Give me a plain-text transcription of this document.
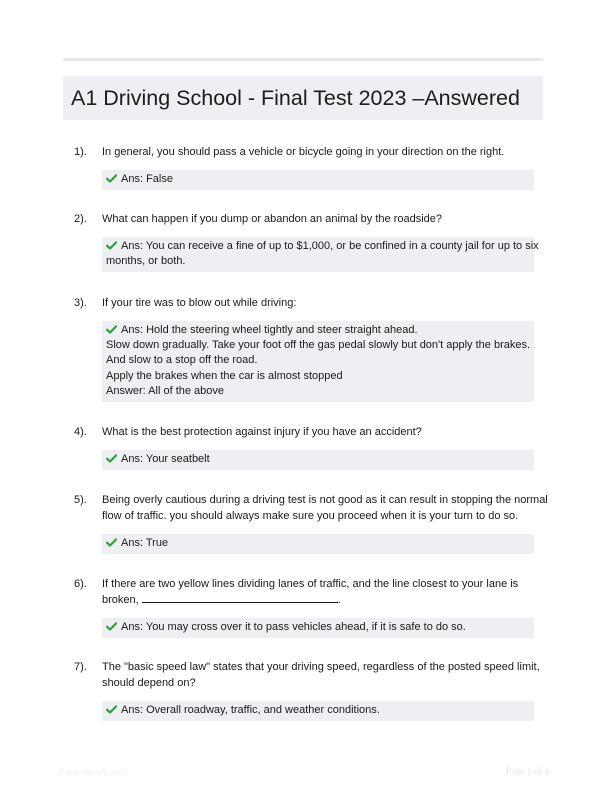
A1 Driving School - Final Test 2023 –Answered
1). In general, you should pass a vehicle or bicycle going in your direction on the right.
Ans: False
2). What can happen if you dump or abandon an animal by the roadside?
Ans: You can receive a fine of up to $1,000, or be confined in a county jail for up to six
months, or both.
3). If your tire was to blow out while driving:
Ans: Hold the steering wheel tightly and steer straight ahead.
Slow down gradually. Take your foot off the gas pedal slowly but don't apply the brakes.
And slow to a stop off the road.
Apply the brakes when the car is almost stopped
Answer: All of the above
4). What is the best protection against injury if you have an accident?
Ans: Your seatbelt
5). Being overly cautious during a driving test is not good as it can result in stopping the normal
flow of traffic. you should always make sure you proceed when it is your turn to do so.
Ans: True
6). If there are two yellow lines dividing lanes of traffic, and the line closest to your lane is
broken,	.
Ans: You may cross over it to pass vehicles ahead, if it is safe to do so.
7). The "basic speed law" states that your driving speed, regardless of the posted speed limit,
should depend on?
Ans: Overall roadway, traffic, and weather conditions.
Paperlibrary.com	Page 1 of 4
